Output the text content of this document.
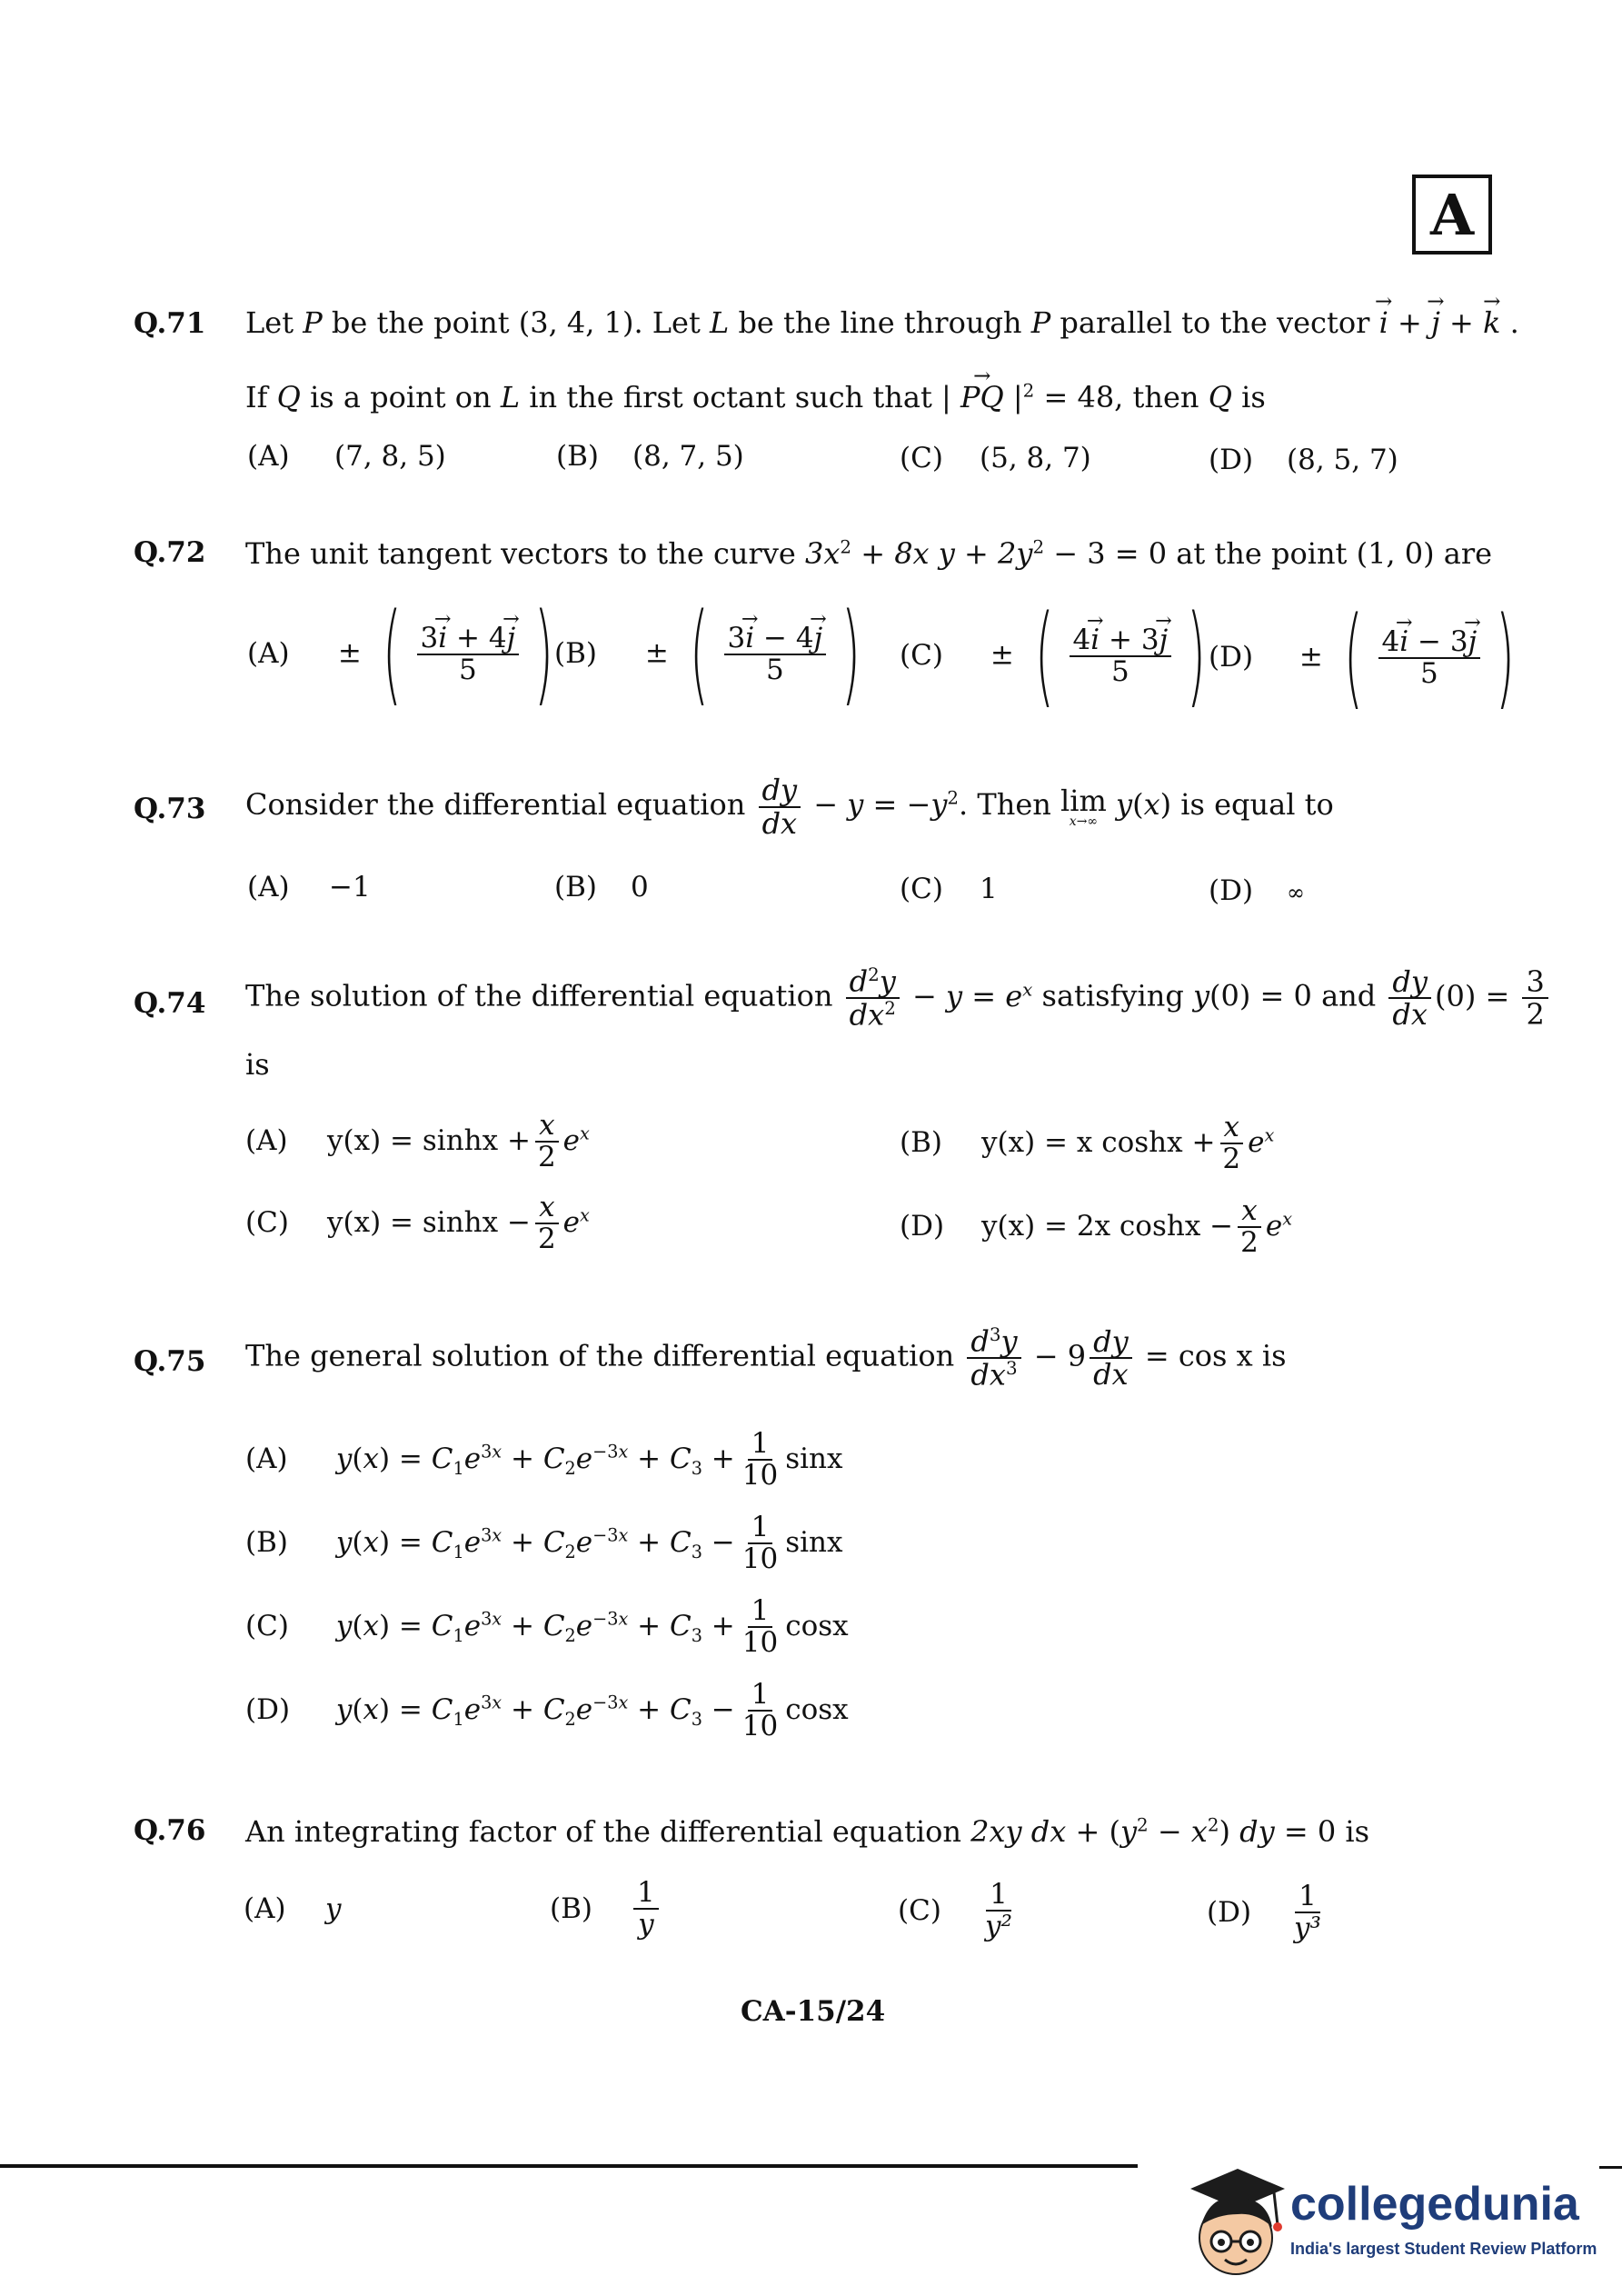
A
Q.71 Let P be the point (3, 4, 1). Let L be the line through P parallel to the vector → i + → j + → k .
If Q is a point on L in the first octant such that | → PQ $|^2 = 48$, then Q is
(A) (7, 8, 5)	(B) (8, 7, 5)	(C) (5, 8, 7)	(D) (8, 5, 7)
Q.72 The unit tangent vectors to the curve $3x^2 + 8x$ $y + 2y^2 - 3 = 0$ at the point (1, 0) are
(A) ± ( $\frac{3\to i + 4\to j}{5}$ ) (B) ± ( $\frac{3\to i - 4\to j}{5}$ ) (C) ± ( $\frac{4\to i + 3\to j}{5}$ ) (D) ± ( $\frac{4\to i - 3\to j}{5}$ )
Q.73 Consider the differential equation $\frac{dy}{dx} - y = -y^2$. Then lim
x→∞ y(x) is equal to
(A) −1	(B) 0	(C) 1	(D) ∞
Q.74 The solution of the differential equation $\frac{d^2y}{dx^2} - y = e^x$ satisfying y(0) = 0 and $\frac{dy}{dx} (0) = \frac{3}{2}$
is
(A) $y(x) = \sinh x + \frac{x}{2} e^x$	(B) y(x) = x $\cosh x + \frac{x}{2} e^x$
(C) $y(x) = \sinh x - \frac{x}{2} e^x$	(D) y(x) = 2x $\cosh x - \frac{x}{2} e^x$
Q.75 The general solution of the differential equation $\frac{d^3y}{dx^3} - 9 \frac{dy}{dx} = \cos x$ is
(A) $y(x) = C_1e^{3x} + C_2e^{-3x} + C_3 + \frac{1}{10}$ sinx
(B) $y(x) = C_1e^{3x} + C_2e^{-3x} + C_3 - \frac{1}{10}$ sinx
(C) $y(x) = C_1e^{3x} + C_2e^{-3x} + C_3 + \frac{1}{10}$ cosx
(D) $y(x) = C_1e^{3x} + C_2e^{-3x} + C_3 - \frac{1}{10}$ cosx
Q.76 An integrating factor of the differential equation 2xy dx + $(y^2 - x^2)$ dy = 0 is
(A) y	$(B) \frac{1}{y}$	$(C) \frac{1}{\text{y²}}$	$(D) \frac{1}{\text{y³}}$
CA-15/24
collegedunia
India's largest Student Review Platform
